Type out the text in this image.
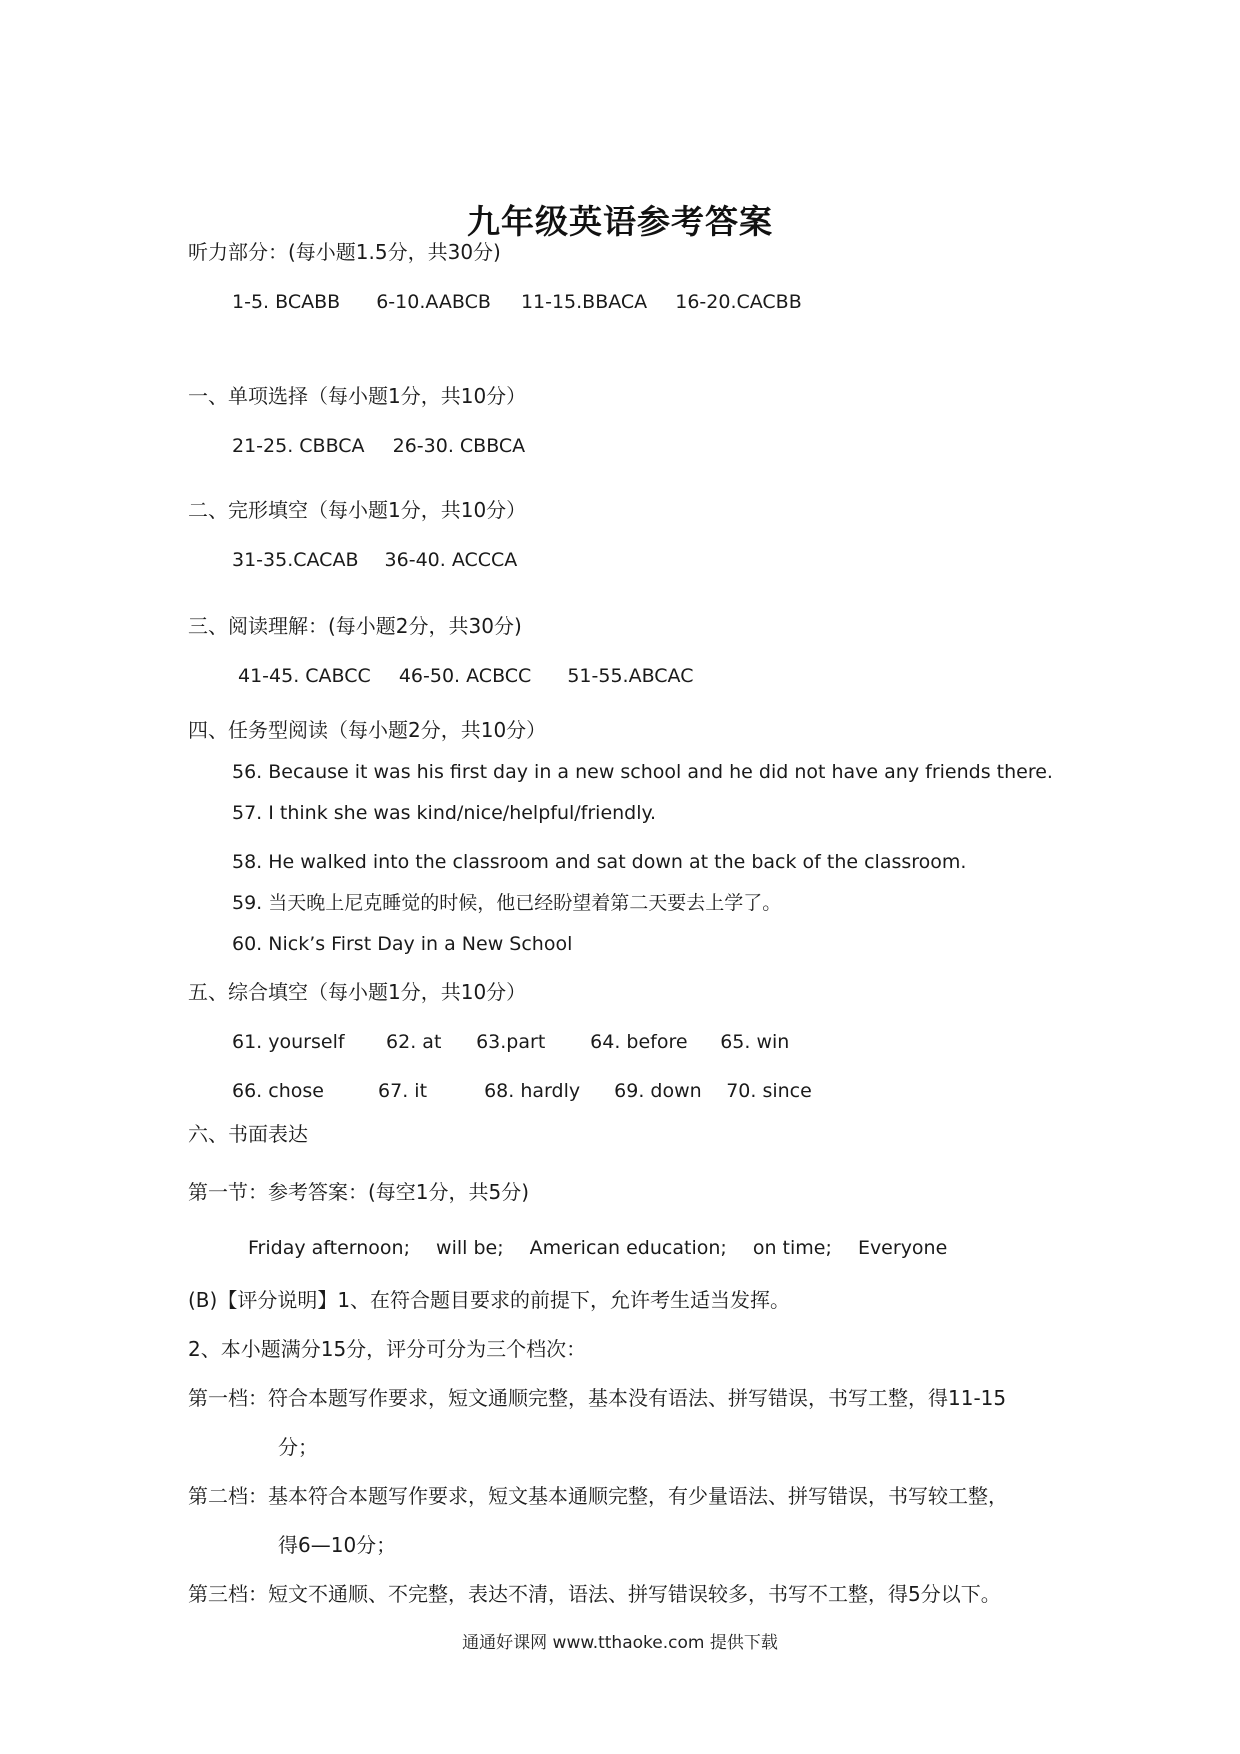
九年级英语参考答案
听力部分：(每小题1.5分，共30分)
1-5. BCABB 6-10.AABCB 11-15.BBACA 16-20.CACBB
一、单项选择（每小题1分，共10分）
21-25. CBBCA 26-30. CBBCA
二、完形填空（每小题1分，共10分）
31-35.CACAB 36-40. ACCCA
三、阅读理解：(每小题2分，共30分)
41-45. CABCC 46-50. ACBCC 51-55.ABCAC
四、任务型阅读（每小题2分，共10分）
56. Because it was his first day in a new school and he did not have any friends there.
57. I think she was kind/nice/helpful/friendly.
58. He walked into the classroom and sat down at the back of the classroom.
59. 当天晚上尼克睡觉的时候，他已经盼望着第二天要去上学了。
60. Nick’s First Day in a New School
五、综合填空（每小题1分，共10分）
61. yourself 62. at 63.part 64. before 65. win
66. chose	67. it	68. hardly 69. down 70. since
六、书面表达
第一节：参考答案：(每空1分，共5分)
Friday afternoon; will be; American education; on time; Everyone
(B)【评分说明】1、在符合题目要求的前提下，允许考生适当发挥。
2、本小题满分15分，评分可分为三个档次：
第一档：符合本题写作要求，短文通顺完整，基本没有语法、拼写错误，书写工整，得11-15
分；
第二档：基本符合本题写作要求，短文基本通顺完整，有少量语法、拼写错误，书写较工整，
得6—10分；
第三档：短文不通顺、不完整，表达不清，语法、拼写错误较多，书写不工整，得5分以下。
通通好课网 www.tthaoke.com 提供下载
